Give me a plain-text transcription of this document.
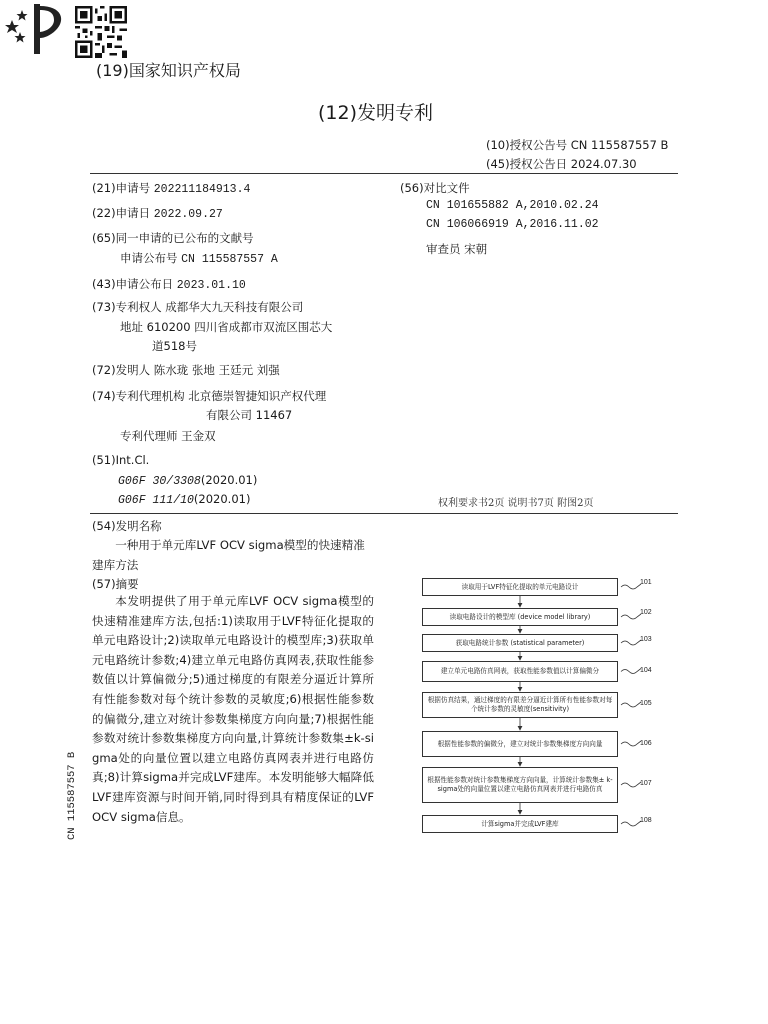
(19)国家知识产权局

(12)发明专利
(10)授权公告号 CN 115587557 B
(45)授权公告日 2024.07.30
(21)申请号 202211184913.4
(22)申请日 2022.09.27
(65)同一申请的已公布的文献号
申请公布号 CN 115587557 A
(43)申请公布日 2023.01.10
(73)专利权人 成都华大九天科技有限公司
地址 610200 四川省成都市双流区围芯大
道518号
(72)发明人 陈水珑 张地 王廷元 刘强
(74)专利代理机构 北京德崇智捷知识产权代理
有限公司 11467
专利代理师 王金双
(51)Int.Cl.
G06F 30/3308(2020.01)
G06F 111/10(2020.01)
(56)对比文件
CN 101655882 A,2010.02.24
CN 106066919 A,2016.11.02
审查员 宋朝
权利要求书2页 说明书7页 附图2页
(54)发明名称
一种用于单元库LVF OCV sigma模型的快速精准建库方法
(57)摘要
本发明提供了用于单元库LVF OCV sigma模型的快速精准建库方法,包括:1)读取用于LVF特征化提取的单元电路设计;2)读取单元电路设计的模型库;3)获取单元电路统计参数;4)建立单元电路仿真网表,获取性能参数值以计算偏微分;5)通过梯度的有限差分逼近计算所有性能参数对每个统计参数的灵敏度;6)根据性能参数的偏微分,建立对统计参数集梯度方向向量;7)根据性能参数对统计参数集梯度方向向量,计算统计参数集±k-sigma处的向量位置以建立电路仿真网表并进行电路仿真;8)计算sigma并完成LVF建库。本发明能够大幅降低LVF建库资源与时间开销,同时得到具有精度保证的LVF OCV sigma信息。
CN 115587557 B
读取用于LVF特征化提取的单元电路设计
读取电路设计的模型库 (device model library)
获取电路统计参数 (statistical parameter)
建立单元电路仿真网表，获取性能参数值以计算偏微分
根据仿真结果，通过梯度的有限差分逼近计算所有性能参数对每个统计参数的灵敏度(sensitivity)
根据性能参数的偏微分，建立对统计参数集梯度方向向量
根据性能参数对统计参数集梯度方向向量，计算统计参数集± k-sigma处的向量位置以建立电路仿真网表并进行电路仿真
计算sigma并完成LVF建库
101
102
103
104
105
106
107
108
